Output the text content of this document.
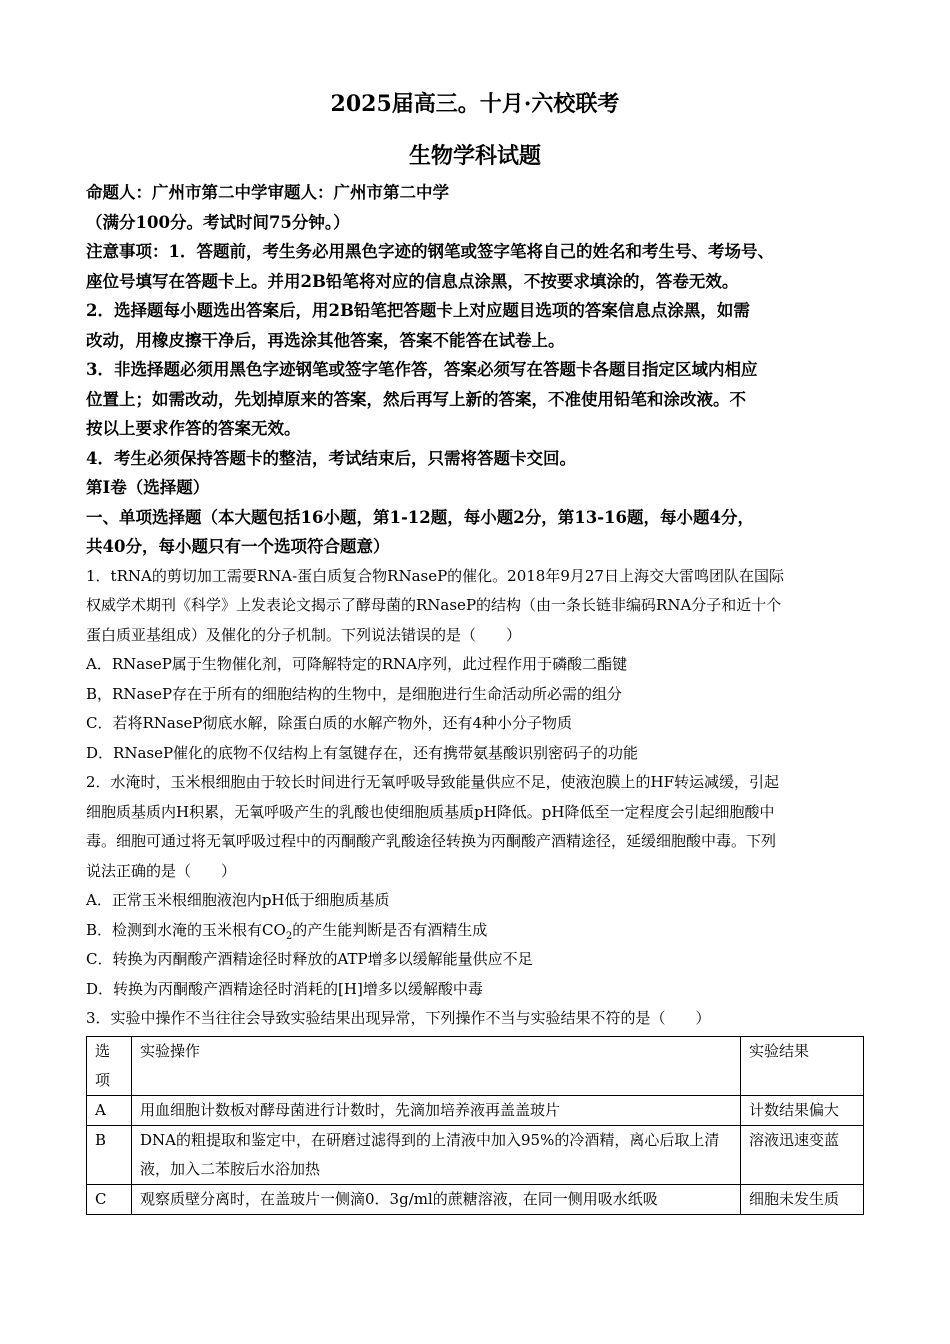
2025届高三。十月·六校联考

生物学科试题

命题人：广州市第二中学审题人：广州市第二中学

（满分100分。考试时间75分钟。）

注意事项：1．答题前，考生务必用黑色字迹的钢笔或签字笔将自己的姓名和考生号、考场号、

座位号填写在答题卡上。并用2B铅笔将对应的信息点涂黑，不按要求填涂的，答卷无效。

2．选择题每小题选出答案后，用2B铅笔把答题卡上对应题目选项的答案信息点涂黑，如需

改动，用橡皮擦干净后，再选涂其他答案，答案不能答在试卷上。

3．非选择题必须用黑色字迹钢笔或签字笔作答，答案必须写在答题卡各题目指定区域内相应

位置上；如需改动，先划掉原来的答案，然后再写上新的答案，不准使用铅笔和涂改液。不

按以上要求作答的答案无效。

4．考生必须保持答题卡的整洁，考试结束后，只需将答题卡交回。

第I卷（选择题）

一、单项选择题（本大题包括16小题，第1-12题，每小题2分，第13-16题，每小题4分，

共40分，每小题只有一个选项符合题意）

1．tRNA的剪切加工需要RNA-蛋白质复合物RNaseP的催化。2018年9月27日上海交大雷鸣团队在国际

权威学术期刊《科学》上发表论文揭示了酵母菌的RNaseP的结构（由一条长链非编码RNA分子和近十个

蛋白质亚基组成）及催化的分子机制。下列说法错误的是（　　）

A．RNaseP属于生物催化剂，可降解特定的RNA序列，此过程作用于磷酸二酯键

B，RNaseP存在于所有的细胞结构的生物中，是细胞进行生命活动所必需的组分

C．若将RNaseP彻底水解，除蛋白质的水解产物外，还有4种小分子物质

D．RNaseP催化的底物不仅结构上有氢键存在，还有携带氨基酸识别密码子的功能

2．水淹时，玉米根细胞由于较长时间进行无氧呼吸导致能量供应不足，使液泡膜上的HF转运减缓，引起

细胞质基质内H积累，无氧呼吸产生的乳酸也使细胞质基质pH降低。pH降低至一定程度会引起细胞酸中

毒。细胞可通过将无氧呼吸过程中的丙酮酸产乳酸途径转换为丙酮酸产酒精途径，延缓细胞酸中毒。下列

说法正确的是（　　）

A．正常玉米根细胞液泡内pH低于细胞质基质

B．检测到水淹的玉米根有$CO_2$的产生能判断是否有酒精生成

C．转换为丙酮酸产酒精途径时释放的ATP增多以缓解能量供应不足

D．转换为丙酮酸产酒精途径时消耗的[H]增多以缓解酸中毒

3．实验中操作不当往往会导致实验结果出现异常，下列操作不当与实验结果不符的是（　　）

选项	实验操作	实验结果
A	用血细胞计数板对酵母菌进行计数时，先滴加培养液再盖盖玻片	计数结果偏大
B	DNA的粗提取和鉴定中，在研磨过滤得到的上清液中加入95%的冷酒精，离心后取上清液，加入二苯胺后水浴加热	溶液迅速变蓝
C	观察质壁分离时，在盖玻片一侧滴0．3g/ml的蔗糖溶液，在同一侧用吸水纸吸	细胞未发生质
